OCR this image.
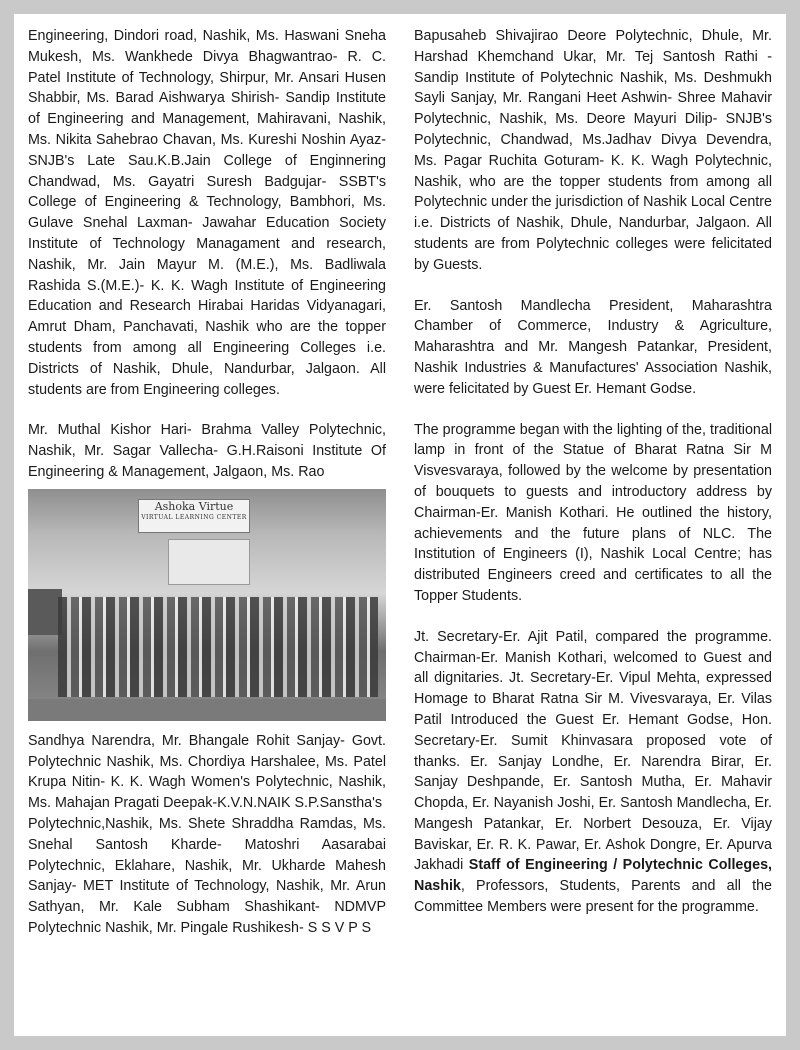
Engineering, Dindori road, Nashik, Ms. Haswani Sneha Mukesh, Ms. Wankhede Divya Bhagwantrao- R. C. Patel Institute of Technology, Shirpur, Mr. Ansari Husen Shabbir, Ms. Barad Aishwarya Shirish- Sandip Institute of Engineering and Management, Mahiravani, Nashik, Ms. Nikita Sahebrao Chavan, Ms. Kureshi Noshin Ayaz- SNJB's Late Sau.K.B.Jain College of Enginnering Chandwad, Ms. Gayatri Suresh Badgujar- SSBT's College of Engineering & Technology, Bambhori, Ms. Gulave Snehal Laxman- Jawahar Education Society Institute of Technology Managament and research, Nashik, Mr. Jain Mayur M. (M.E.), Ms. Badliwala Rashida S.(M.E.)- K. K. Wagh Institute of Engineering Education and Research Hirabai Haridas Vidyanagari, Amrut Dham, Panchavati, Nashik who are the topper students from among all Engineering Colleges i.e. Districts of Nashik, Dhule, Nandurbar, Jalgaon. All students are from Engineering colleges.

Mr. Muthal Kishor Hari- Brahma Valley Polytechnic, Nashik, Mr. Sagar Vallecha- G.H.Raisoni Institute Of Engineering & Management, Jalgaon, Ms. Rao

Ashoka Virtue
VIRTUAL LEARNING CENTER

Sandhya Narendra, Mr. Bhangale Rohit Sanjay- Govt. Polytechnic Nashik, Ms. Chordiya Harshalee, Ms. Patel Krupa Nitin- K. K. Wagh Women's Polytechnic, Nashik, Ms. Mahajan Pragati Deepak-K.V.N.NAIK S.P.Sanstha's

Polytechnic,Nashik, Ms. Shete Shraddha Ramdas, Ms. Snehal Santosh Kharde- Matoshri Aasarabai Polytechnic, Eklahare, Nashik, Mr. Ukharde Mahesh Sanjay- MET Institute of Technology, Nashik, Mr. Arun Sathyan, Mr. Kale Subham Shashikant- NDMVP Polytechnic Nashik, Mr. Pingale Rushikesh- S S V P S

Bapusaheb Shivajirao Deore Polytechnic, Dhule, Mr. Harshad Khemchand Ukar, Mr. Tej Santosh Rathi - Sandip Institute of Polytechnic Nashik, Ms. Deshmukh Sayli Sanjay, Mr. Rangani Heet Ashwin- Shree Mahavir Polytechnic, Nashik, Ms. Deore Mayuri Dilip- SNJB's Polytechnic, Chandwad, Ms.Jadhav Divya Devendra, Ms. Pagar Ruchita Goturam- K. K. Wagh Polytechnic, Nashik, who are the topper students from among all Polytechnic under the jurisdiction of Nashik Local Centre i.e. Districts of Nashik, Dhule, Nandurbar, Jalgaon. All students are from Polytechnic colleges were felicitated by Guests.

Er. Santosh Mandlecha President, Maharashtra Chamber of Commerce, Industry & Agriculture, Maharashtra and Mr. Mangesh Patankar, President, Nashik Industries & Manufactures' Association Nashik, were felicitated by Guest Er. Hemant Godse.

The programme began with the lighting of the, traditional lamp in front of the Statue of Bharat Ratna Sir M Visvesvaraya, followed by the welcome by presentation of bouquets to guests and introductory address by Chairman-Er. Manish Kothari. He outlined the history, achievements and the future plans of NLC. The Institution of Engineers (I), Nashik Local Centre; has distributed Engineers creed and certificates to all the Topper Students.

Jt. Secretary-Er. Ajit Patil, compared the programme. Chairman-Er. Manish Kothari, welcomed to Guest and all dignitaries. Jt. Secretary-Er. Vipul Mehta, expressed Homage to Bharat Ratna Sir M. Vivesvaraya, Er. Vilas Patil Introduced the Guest Er. Hemant Godse, Hon. Secretary-Er. Sumit Khinvasara proposed vote of thanks. Er. Sanjay Londhe, Er. Narendra Birar, Er. Sanjay Deshpande, Er. Santosh Mutha, Er. Mahavir Chopda, Er. Nayanish Joshi, Er. Santosh Mandlecha, Er. Mangesh Patankar, Er. Norbert Desouza, Er. Vijay Baviskar, Er. R. K. Pawar, Er. Ashok Dongre, Er. Apurva Jakhadi Staff of Engineering / Polytechnic Colleges, Nashik, Professors, Students, Parents and all the Committee Members were present for the programme.
